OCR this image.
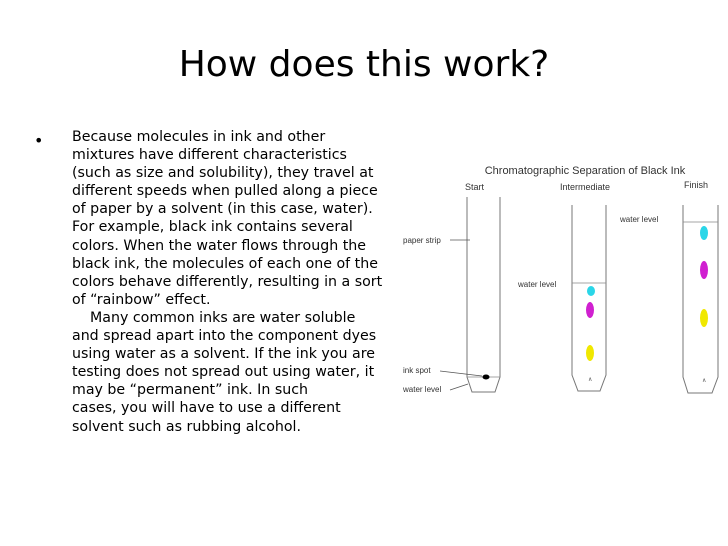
How does this work?
• Because molecules in ink and other
mixtures have different characteristics
(such as size and solubility), they travel at
different speeds when pulled along a piece
of paper by a solvent (in this case, water).
For example, black ink contains several
colors. When the water flows through the
black ink, the molecules of each one of the
colors behave differently, resulting in a sort
of “rainbow” effect.
Many common inks are water soluble
and spread apart into the component dyes
using water as a solvent. If the ink you are
testing does not spread out using water, it
may be “permanent” ink. In such
cases, you will have to use a different
solvent such as rubbing alcohol.
Chromatographic Separation of Black Ink
Start	Intermediate	Finish
paper strip
ink spot
water level
∧
water level
∧
water level
